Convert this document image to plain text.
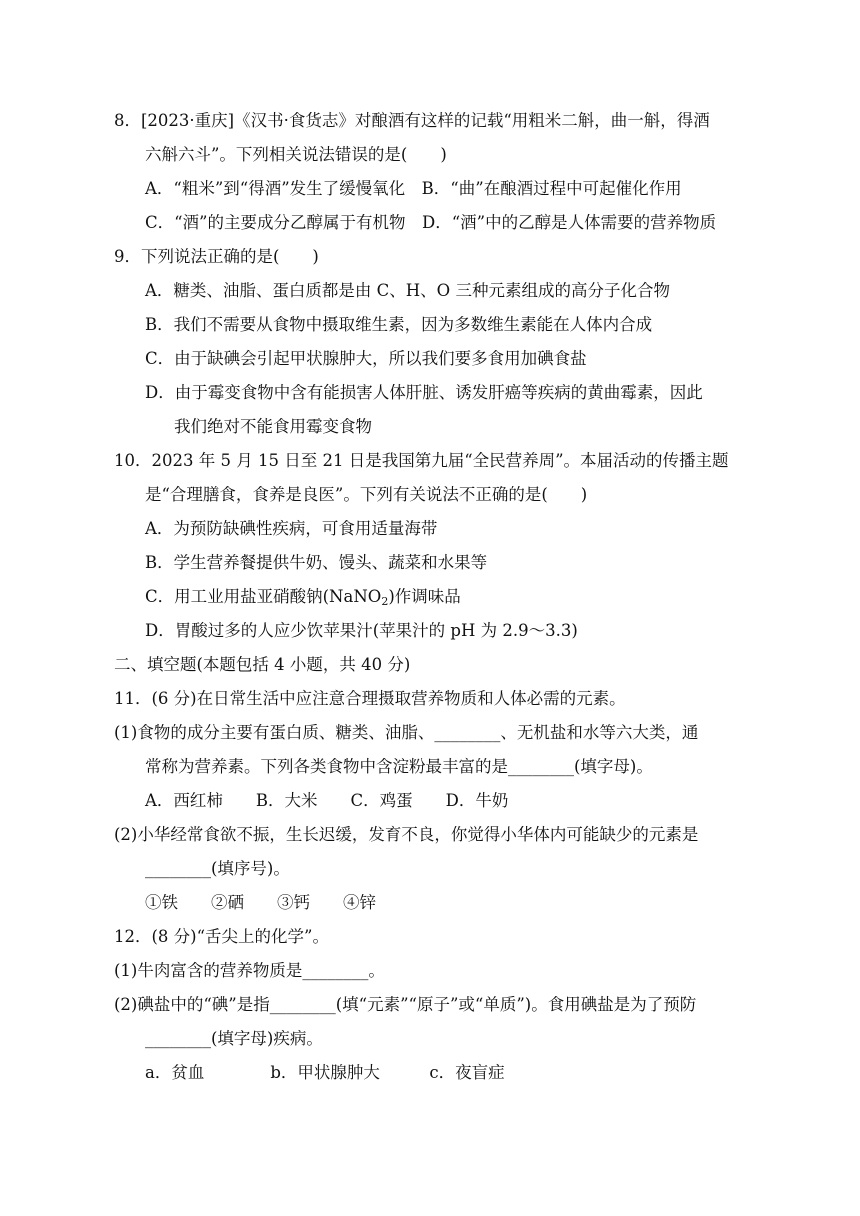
8．[2023·重庆]《汉书·食货志》对酿酒有这样的记载“用粗米二斛，曲一斛，得酒
六斛六斗”。下列相关说法错误的是(　　)
A．“粗米”到“得酒”发生了缓慢氧化　B．“曲”在酿酒过程中可起催化作用
C．“酒”的主要成分乙醇属于有机物　D．“酒”中的乙醇是人体需要的营养物质
9．下列说法正确的是(　　)
A．糖类、油脂、蛋白质都是由 C、H、O 三种元素组成的高分子化合物
B．我们不需要从食物中摄取维生素，因为多数维生素能在人体内合成
C．由于缺碘会引起甲状腺肿大，所以我们要多食用加碘食盐
D．由于霉变食物中含有能损害人体肝脏、诱发肝癌等疾病的黄曲霉素，因此
我们绝对不能食用霉变食物
10．2023 年 5 月 15 日至 21 日是我国第九届“全民营养周”。本届活动的传播主题
是“合理膳食，食养是良医”。下列有关说法不正确的是(　　)
A．为预防缺碘性疾病，可食用适量海带
B．学生营养餐提供牛奶、馒头、蔬菜和水果等
C．用工业用盐亚硝酸钠(NaNO$_2$)作调味品
D．胃酸过多的人应少饮苹果汁(苹果汁的 pH 为 2.9～3.3)
二、填空题(本题包括 4 小题，共 40 分)
11．(6 分)在日常生活中应注意合理摄取营养物质和人体必需的元素。
(1)食物的成分主要有蛋白质、糖类、油脂、________、无机盐和水等六大类，通
常称为营养素。下列各类食物中含淀粉最丰富的是________(填字母)。
A．西红柿　　B．大米　　C．鸡蛋　　D．牛奶
(2)小华经常食欲不振，生长迟缓，发育不良，你觉得小华体内可能缺少的元素是
________(填序号)。
①铁　　②硒　　③钙　　④锌
12．(8 分)“舌尖上的化学”。
(1)牛肉富含的营养物质是________。
(2)碘盐中的“碘”是指________(填“元素”“原子”或“单质”)。食用碘盐是为了预防
________(填字母)疾病。
a．贫血　　　　b．甲状腺肿大　　　c．夜盲症
